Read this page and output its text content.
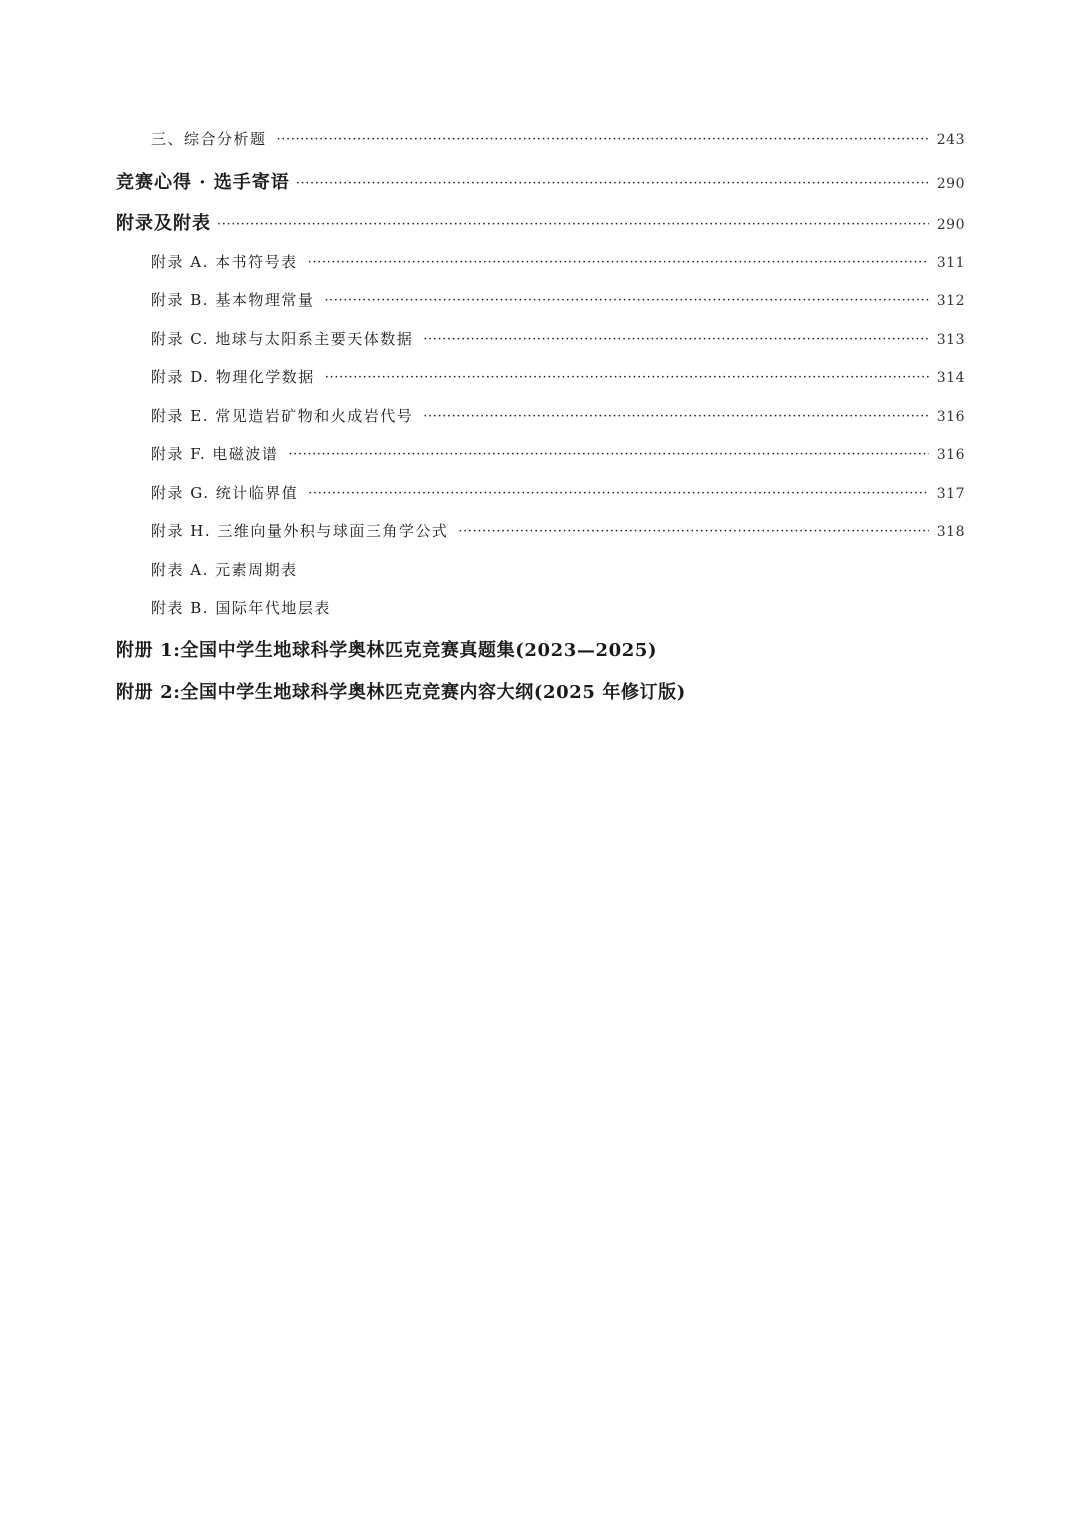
三、综合分析题 ·····	243
竞赛心得 · 选手寄语 ·····	290
附录及附表 ·····	290
附录 A. 本书符号表 ·····	311
附录 B. 基本物理常量 ·····	312
附录 C. 地球与太阳系主要天体数据 ·····	313
附录 D. 物理化学数据 ·····	314
附录 E. 常见造岩矿物和火成岩代号 ·····	316
附录 F. 电磁波谱 ·····	316
附录 G. 统计临界值 ·····	317
附录 H. 三维向量外积与球面三角学公式 ·····	318
附表 A. 元素周期表
附表 B. 国际年代地层表
附册 1:全国中学生地球科学奥林匹克竞赛真题集(2023—2025)
附册 2:全国中学生地球科学奥林匹克竞赛内容大纲(2025 年修订版)
